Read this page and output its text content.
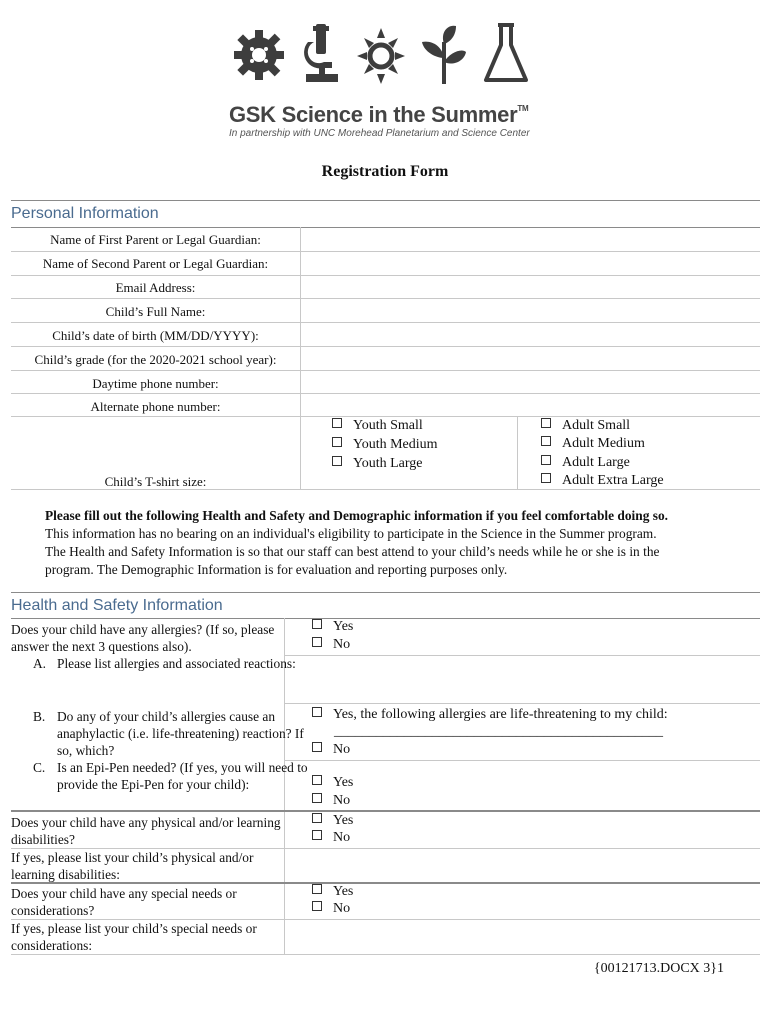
GSK Science in the Summer™
In partnership with UNC Morehead Planetarium and Science Center
Registration Form
Personal Information
Name of First Parent or Legal Guardian:
Name of Second Parent or Legal Guardian:
Email Address:
Child’s Full Name:
Child’s date of birth (MM/DD/YYYY):
Child’s grade (for the 2020-2021 school year):
Daytime phone number:
Alternate phone number:
Child’s T-shirt size:
Youth Small
Youth Medium
Youth Large
Adult Small
Adult Medium
Adult Large
Adult Extra Large
Please fill out the following Health and Safety and Demographic information if you feel comfortable doing so.
This information has no bearing on an individual's eligibility to participate in the Science in the Summer program.
The Health and Safety Information is so that our staff can best attend to your child’s needs while he or she is in the
program. The Demographic Information is for evaluation and reporting purposes only.
Health and Safety Information
Does your child have any allergies? (If so, please answer the next 3 questions also).
Yes
No
A. Please list allergies and associated reactions:
B. Do any of your child’s allergies cause an anaphylactic (i.e. life-threatening) reaction? If so, which?
Yes, the following allergies are life-threatening to my child:
_______________________________________________
No
C. Is an Epi-Pen needed? (If yes, you will need to provide the Epi-Pen for your child):	Yes
No
Does your child have any physical and/or learning disabilities?
Yes
No
If yes, please list your child’s physical and/or learning disabilities:
Does your child have any special needs or considerations?
Yes
No
If yes, please list your child’s special needs or considerations:
{00121713.DOCX 3}1
